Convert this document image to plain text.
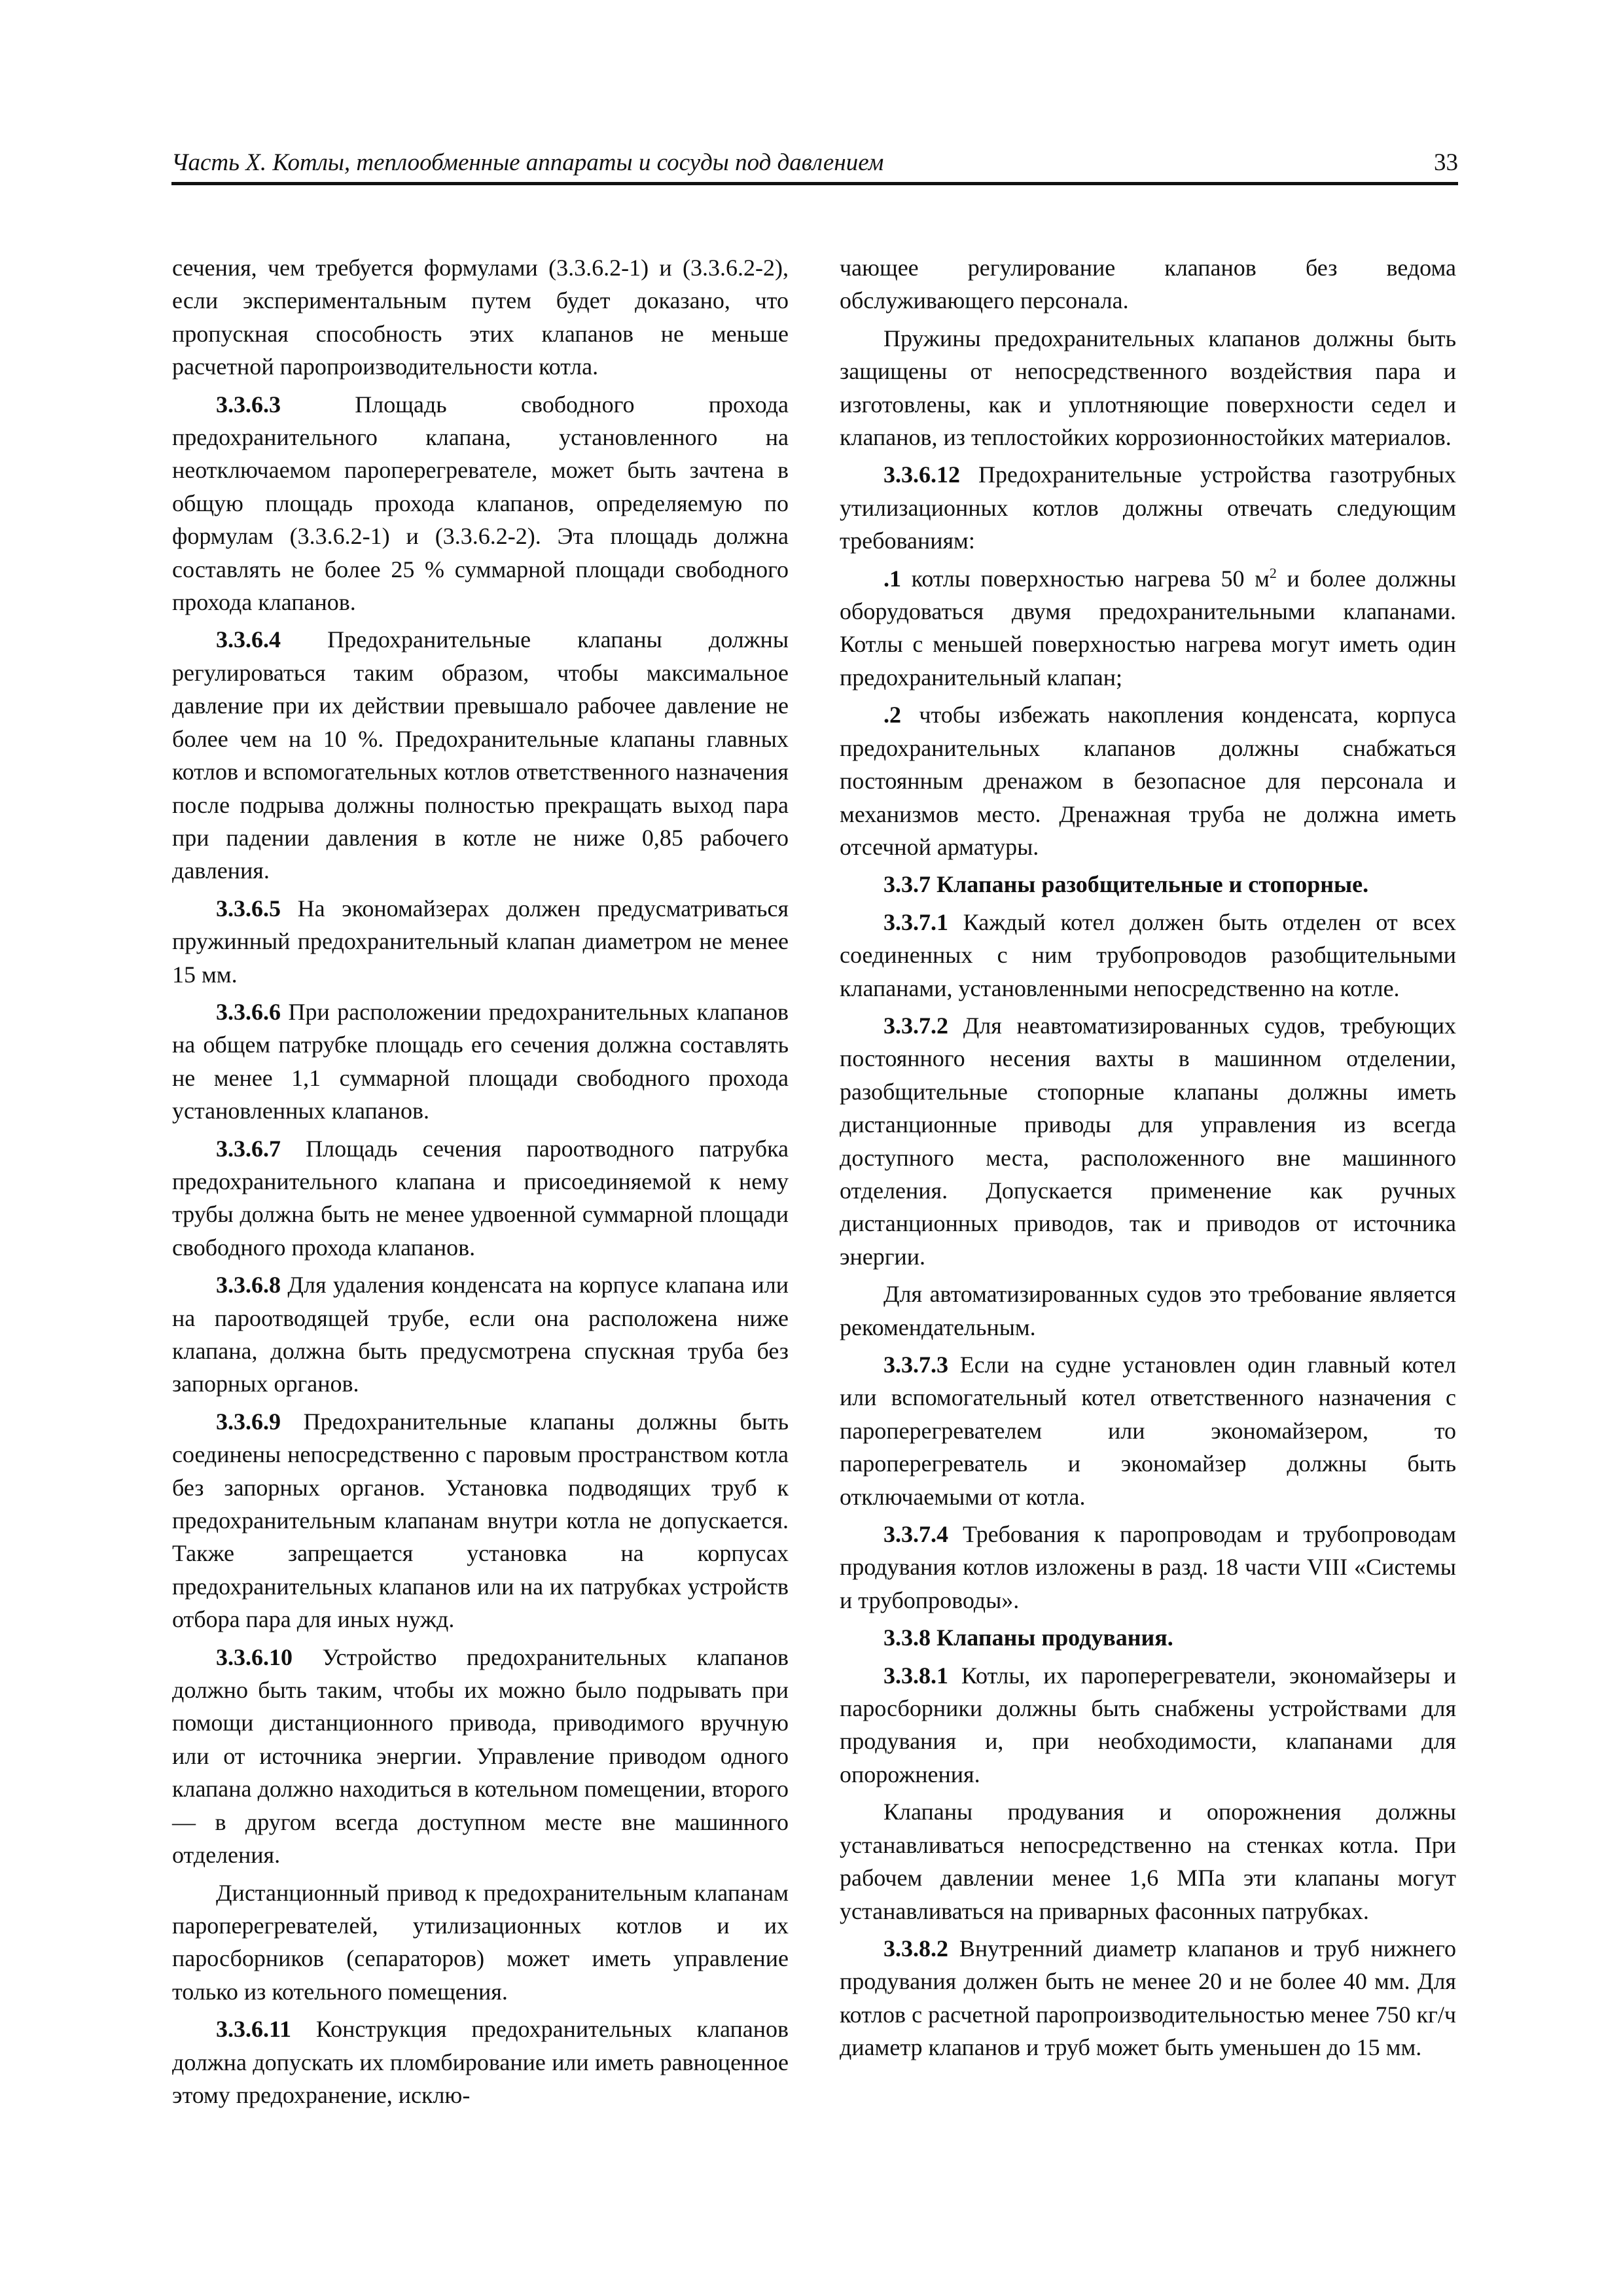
Часть X. Котлы, теплообменные аппараты и сосуды под давлением	33

сечения, чем требуется формулами (3.3.6.2-1) и (3.3.6.2-2), если экспериментальным путем будет доказано, что пропускная способность этих клапанов не меньше расчетной паропроизводительности котла.

3.3.6.3	Площадь свободного прохода предохранительного клапана, установленного на неотключаемом пароперегревателе, может быть зачтена в общую площадь прохода клапанов, определяемую по формулам (3.3.6.2-1) и (3.3.6.2-2). Эта площадь должна составлять не более 25 % суммарной площади свободного прохода клапанов.

3.3.6.4 Предохранительные клапаны должны регулироваться таким образом, чтобы максимальное давление при их действии превышало рабочее давление не более чем на 10 %. Предохранительные клапаны главных котлов и вспомогательных котлов ответственного назначения после подрыва должны полностью прекращать выход пара при падении давления в котле не ниже 0,85 рабочего давления.

3.3.6.5 На экономайзерах должен предусматриваться пружинный предохранительный клапан диаметром не менее 15 мм.

3.3.6.6 При расположении предохранительных клапанов на общем патрубке площадь его сечения должна составлять не менее 1,1 суммарной площади свободного прохода установленных клапанов.

3.3.6.7 Площадь сечения пароотводного патрубка предохранительного клапана и присоединяемой к нему трубы должна быть не менее удвоенной суммарной площади свободного прохода клапанов.

3.3.6.8 Для удаления конденсата на корпусе клапана или на пароотводящей трубе, если она расположена ниже клапана, должна быть предусмотрена спускная труба без запорных органов.

3.3.6.9 Предохранительные клапаны должны быть соединены непосредственно с паровым пространством котла без запорных органов. Установка подводящих труб к предохранительным клапанам внутри котла не допускается. Также запрещается установка на корпусах предохранительных клапанов или на их патрубках устройств отбора пара для иных нужд.

3.3.6.10 Устройство предохранительных клапанов должно быть таким, чтобы их можно было подрывать при помощи дистанционного привода, приводимого вручную или от источника энергии. Управление приводом одного клапана должно находиться в котельном помещении, второго — в другом всегда доступном месте вне машинного отделения.

Дистанционный привод к предохранительным клапанам пароперегревателей, утилизационных котлов и их паросборников (сепараторов) может иметь управление только из котельного помещения.

3.3.6.11 Конструкция предохранительных клапанов должна допускать их пломбирование или иметь равноценное этому предохранение, исклю-

чающее регулирование клапанов без ведома обслуживающего персонала.

Пружины предохранительных клапанов должны быть защищены от непосредственного воздействия пара и изготовлены, как и уплотняющие поверхности седел и клапанов, из теплостойких коррозионностойких материалов.

3.3.6.12 Предохранительные устройства газотрубных утилизационных котлов должны отвечать следующим требованиям:

.1 котлы поверхностью нагрева 50 $м^2$ и более должны оборудоваться двумя предохранительными клапанами. Котлы с меньшей поверхностью нагрева могут иметь один предохранительный клапан;

.2 чтобы избежать накопления конденсата, корпуса предохранительных клапанов должны снабжаться постоянным дренажом в безопасное для персонала и механизмов место. Дренажная труба не должна иметь отсечной арматуры.

3.3.7 Клапаны разобщительные и стопорные.

3.3.7.1 Каждый котел должен быть отделен от всех соединенных с ним трубопроводов разобщительными клапанами, установленными непосредственно на котле.

3.3.7.2 Для неавтоматизированных судов, требующих постоянного несения вахты в машинном отделении, разобщительные стопорные клапаны должны иметь дистанционные приводы для управления из всегда доступного места, расположенного вне машинного отделения. Допускается применение как ручных дистанционных приводов, так и приводов от источника энергии.

Для автоматизированных судов это требование является рекомендательным.

3.3.7.3 Если на судне установлен один главный котел или вспомогательный котел ответственного назначения с пароперегревателем или экономайзером, то пароперегреватель и экономайзер должны быть отключаемыми от котла.

3.3.7.4 Требования к паропроводам и трубопроводам продувания котлов изложены в разд. 18 части VIII «Системы и трубопроводы».

3.3.8 Клапаны продувания.

3.3.8.1 Котлы, их пароперегреватели, экономайзеры и паросборники должны быть снабжены устройствами для продувания и, при необходимости, клапанами для опорожнения.

Клапаны продувания и опорожнения должны устанавливаться непосредственно на стенках котла. При рабочем давлении менее 1,6 МПа эти клапаны могут устанавливаться на приварных фасонных патрубках.

3.3.8.2 Внутренний диаметр клапанов и труб нижнего продувания должен быть не менее 20 и не более 40 мм. Для котлов с расчетной паропроизводительностью менее 750 кг/ч диаметр клапанов и труб может быть уменьшен до 15 мм.
